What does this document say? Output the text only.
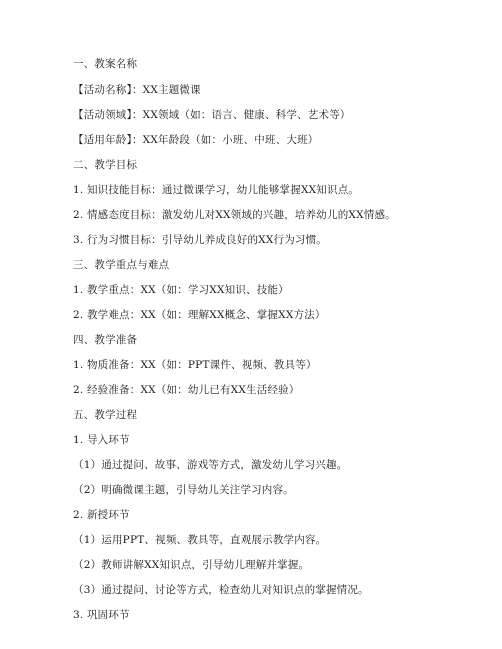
一、教案名称
【活动名称】：XX主题微课
【活动领域】：XX领域（如：语言、健康、科学、艺术等）
【适用年龄】：XX年龄段（如：小班、中班、大班）
二、教学目标
1. 知识技能目标：通过微课学习，幼儿能够掌握XX知识点。
2. 情感态度目标：激发幼儿对XX领域的兴趣，培养幼儿的XX情感。
3. 行为习惯目标：引导幼儿养成良好的XX行为习惯。
三、教学重点与难点
1. 教学重点：XX（如：学习XX知识、技能）
2. 教学难点：XX（如：理解XX概念、掌握XX方法）
四、教学准备
1. 物质准备：XX（如：PPT课件、视频、教具等）
2. 经验准备：XX（如：幼儿已有XX生活经验）
五、教学过程
1. 导入环节
（1）通过提问、故事、游戏等方式，激发幼儿学习兴趣。
（2）明确微课主题，引导幼儿关注学习内容。
2. 新授环节
（1）运用PPT、视频、教具等，直观展示教学内容。
（2）教师讲解XX知识点，引导幼儿理解并掌握。
（3）通过提问、讨论等方式，检查幼儿对知识点的掌握情况。
3. 巩固环节
